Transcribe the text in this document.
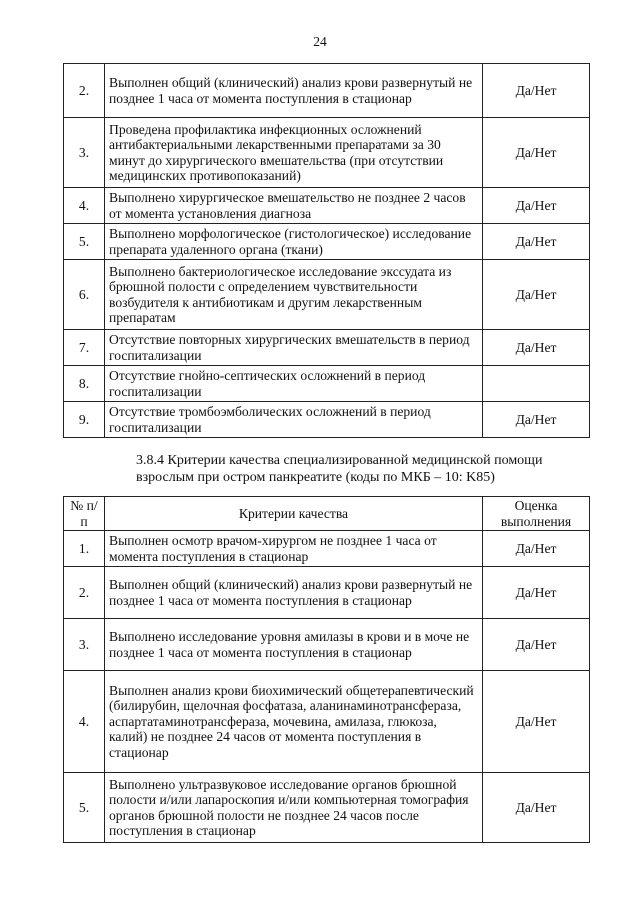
24
2.	Выполнен общий (клинический) анализ крови развернутый не позднее 1 часа от момента поступления в стационар	Да/Нет
3.	Проведена профилактика инфекционных осложнений антибактериальными лекарственными препаратами за 30 минут до хирургического вмешательства (при отсутствии медицинских противопоказаний)	Да/Нет
4.	Выполнено хирургическое вмешательство не позднее 2 часов от момента установления диагноза	Да/Нет
5.	Выполнено морфологическое (гистологическое) исследование препарата удаленного органа (ткани)	Да/Нет
6.	Выполнено бактериологическое исследование экссудата из брюшной полости с определением чувствительности возбудителя к антибиотикам и другим лекарственным препаратам	Да/Нет
7.	Отсутствие повторных хирургических вмешательств в период госпитализации	Да/Нет
8.	Отсутствие гнойно-септических осложнений в период госпитализации	
9.	Отсутствие тромбоэмболических осложнений в период госпитализации	Да/Нет
3.8.4 Критерии качества специализированной медицинской помощи взрослым при остром панкреатите (коды по МКБ – 10: K85)
№ п/п	Критерии качества	Оценка выполнения
1.	Выполнен осмотр врачом-хирургом не позднее 1 часа от момента поступления в стационар	Да/Нет
2.	Выполнен общий (клинический) анализ крови развернутый не позднее 1 часа от момента поступления в стационар	Да/Нет
3.	Выполнено исследование уровня амилазы в крови и в моче не позднее 1 часа от момента поступления в стационар	Да/Нет
4.	Выполнен анализ крови биохимический общетерапевтический (билирубин, щелочная фосфатаза, аланинаминотрансфераза, аспартатаминотрансфераза, мочевина, амилаза, глюкоза, калий) не позднее 24 часов от момента поступления в стационар	Да/Нет
5.	Выполнено ультразвуковое исследование органов брюшной полости и/или лапароскопия и/или компьютерная томография органов брюшной полости не позднее 24 часов после поступления в стационар	Да/Нет
